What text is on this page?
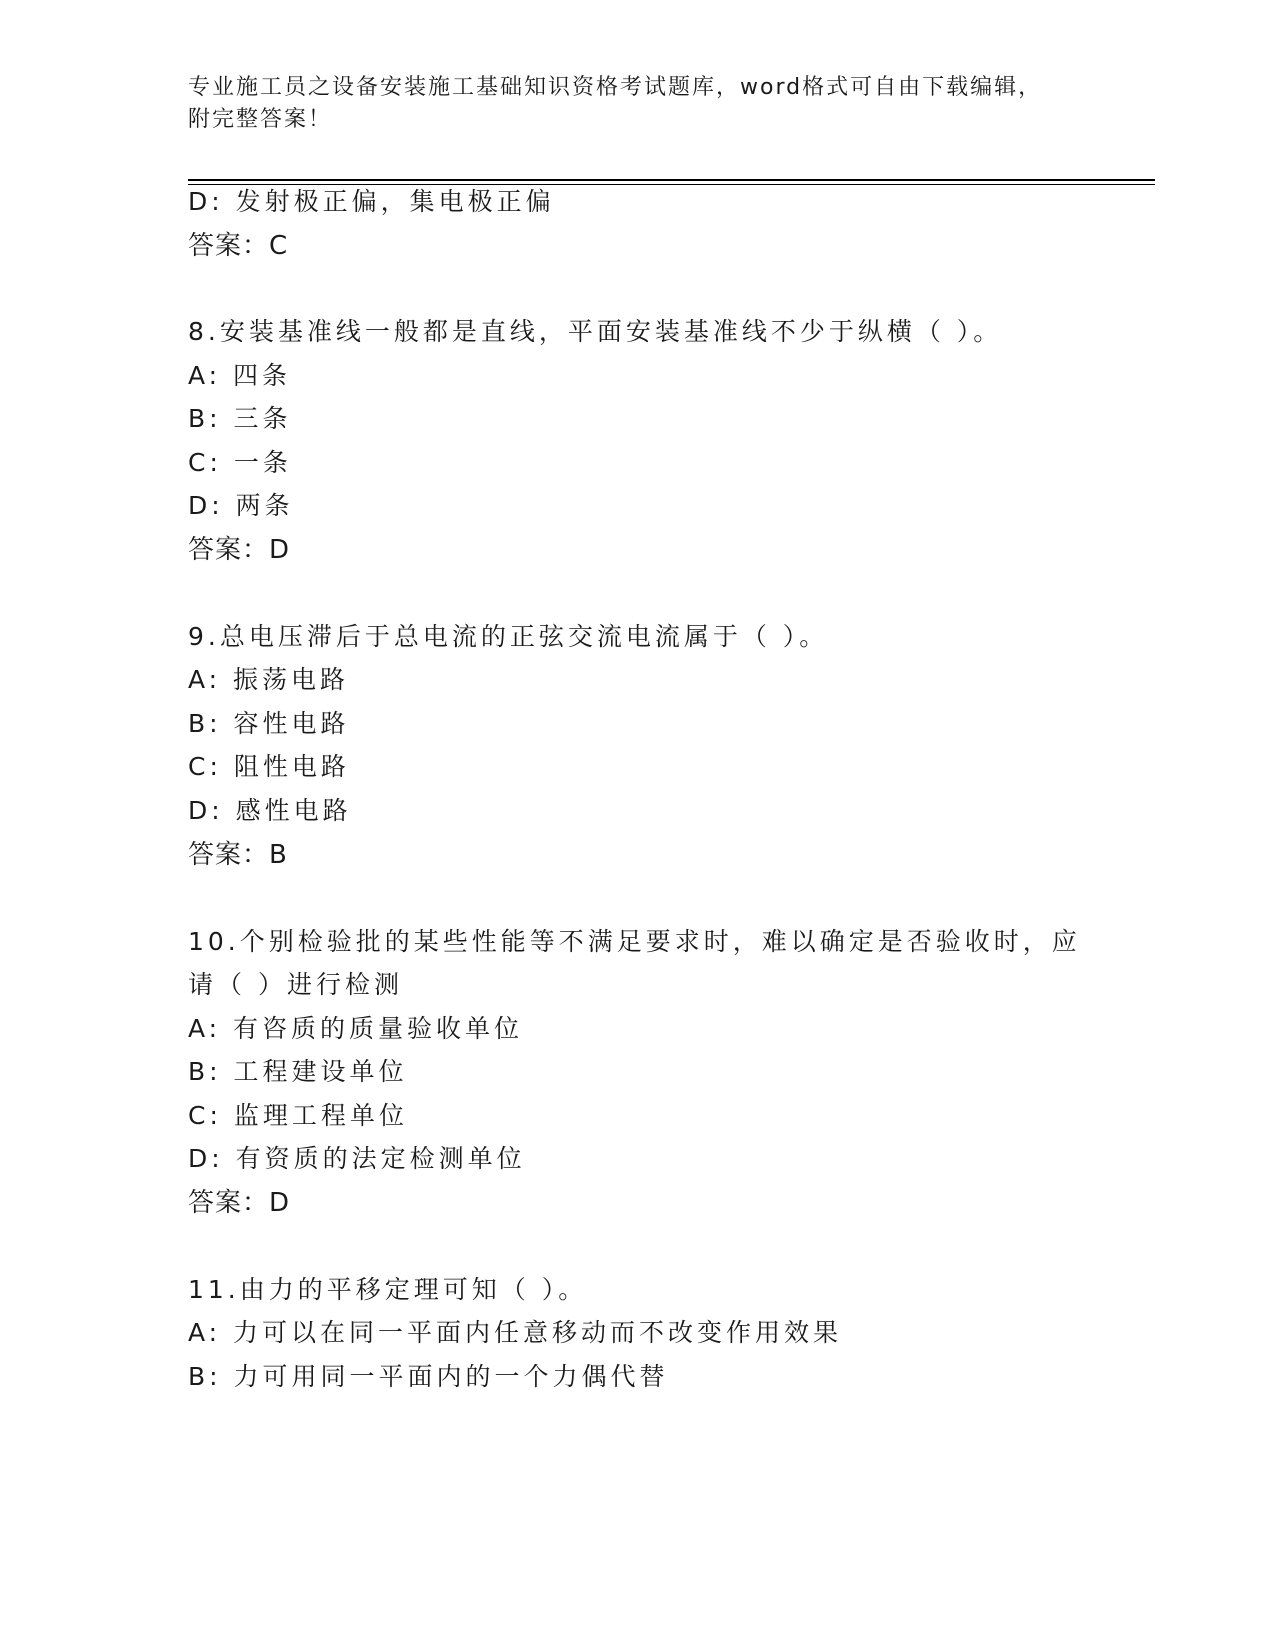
专业施工员之设备安装施工基础知识资格考试题库，word格式可自由下载编辑，
附完整答案！
D: 发射极正偏，集电极正偏
答案：C
8.安装基准线一般都是直线，平面安装基准线不少于纵横（ ）。
A: 四条
B: 三条
C: 一条
D: 两条
答案：D
9.总电压滞后于总电流的正弦交流电流属于（ ）。
A: 振荡电路
B: 容性电路
C: 阻性电路
D: 感性电路
答案：B
10.个别检验批的某些性能等不满足要求时，难以确定是否验收时，应
请（ ）进行检测
A: 有咨质的质量验收单位
B: 工程建设单位
C: 监理工程单位
D: 有资质的法定检测单位
答案：D
11.由力的平移定理可知（ ）。
A: 力可以在同一平面内任意移动而不改变作用效果
B: 力可用同一平面内的一个力偶代替
